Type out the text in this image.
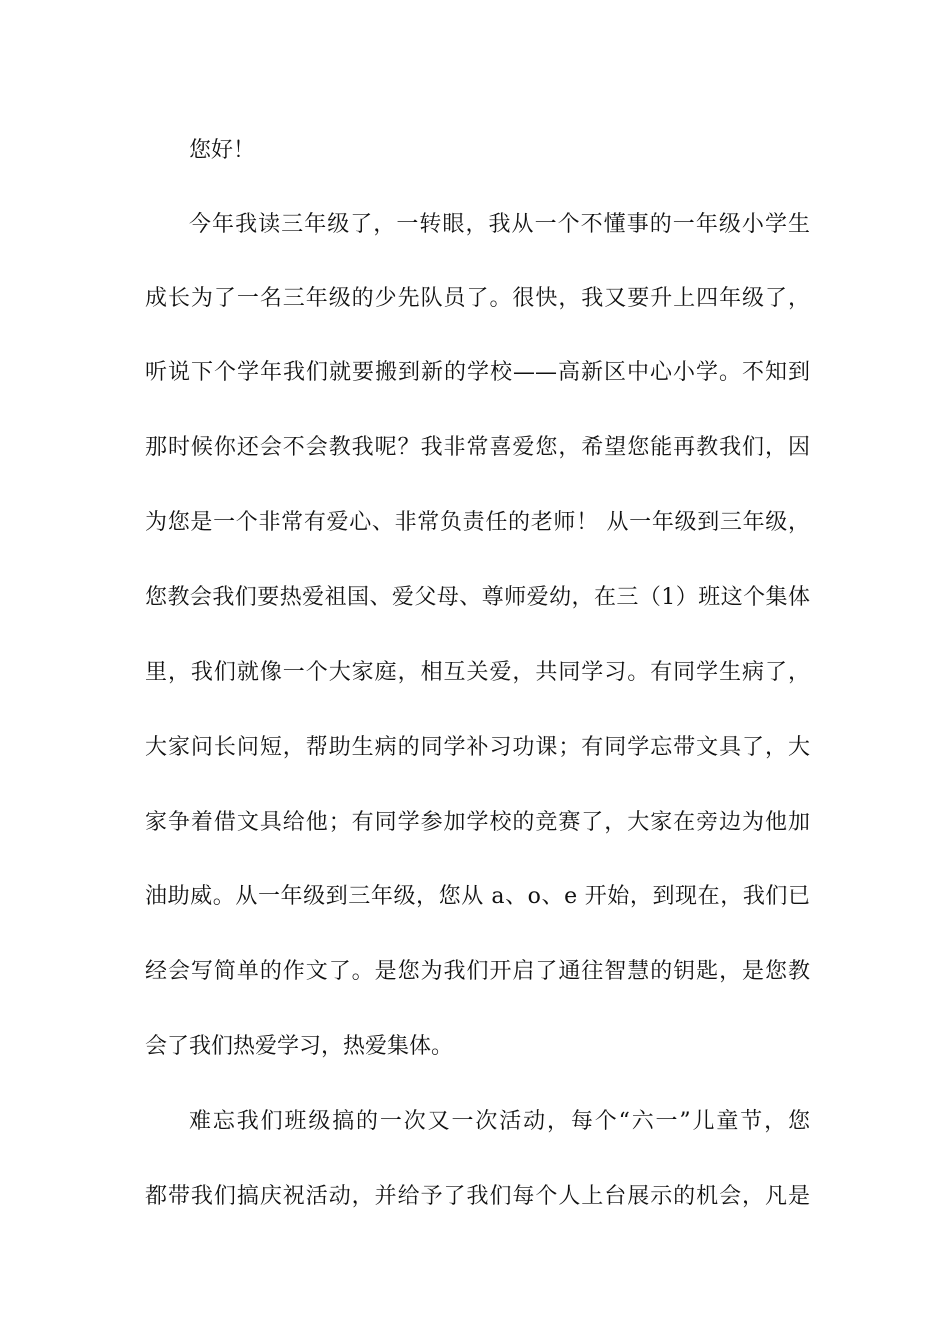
您好！
今年我读三年级了，一转眼，我从一个不懂事的一年级小学生
成长为了一名三年级的少先队员了。很快，我又要升上四年级了，
听说下个学年我们就要搬到新的学校——高新区中心小学。不知到
那时候你还会不会教我呢？我非常喜爱您，希望您能再教我们，因
为您是一个非常有爱心、非常负责任的老师！ 从一年级到三年级，
您教会我们要热爱祖国、爱父母、尊师爱幼，在三（1）班这个集体
里，我们就像一个大家庭，相互关爱，共同学习。有同学生病了，
大家问长问短，帮助生病的同学补习功课；有同学忘带文具了，大
家争着借文具给他；有同学参加学校的竞赛了，大家在旁边为他加
油助威。从一年级到三年级，您从 a、o、e 开始，到现在，我们已
经会写简单的作文了。是您为我们开启了通往智慧的钥匙，是您教
会了我们热爱学习，热爱集体。
难忘我们班级搞的一次又一次活动，每个“六一”儿童节，您
都带我们搞庆祝活动，并给予了我们每个人上台展示的机会，凡是
